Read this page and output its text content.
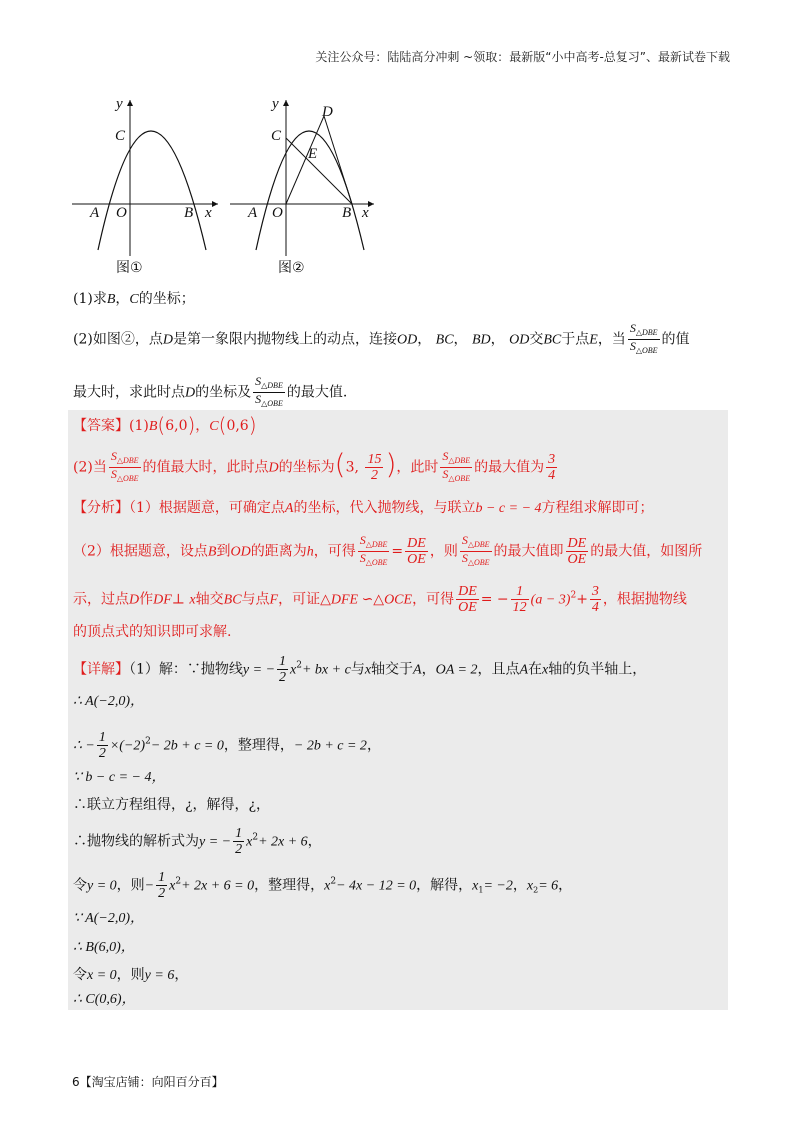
关注公众号：陆陆高分冲刺 ~领取：最新版“小中高考-总复习”、最新试卷下载
y
x
C
A O	B
图①
y
x
C
D
E
A O	B
图②
(1)求B，C的坐标；
(2)如图②，点D是第一象限内抛物线上的动点，连接OD， BC， BD， OD交BC于点E，当 $\frac{S_{\triangle DBE}}{S_{\triangle OBE}}$ 的值
最大时，求此时点D的坐标及 $\frac{S_{\triangle DBE}}{S_{\triangle OBE}}$ 的最大值.
【答案】(1)B(6,0)，C(0,6)
(2)当 $\frac{S_{\triangle DBE}}{S_{\triangle OBE}}$ 的值最大时，此时点D的坐标为(3, $\frac{15}{2}$ )，此时 $\frac{S_{\triangle DBE}}{S_{\triangle OBE}}$ 的最大值为 $\frac{3}{4}$
【分析】（1）根据题意，可确定点A的坐标，代入抛物线，与联立b − c = − 4方程组求解即可；
（2）根据题意，设点B到OD的距离为h，可得 $\frac{S_{\triangle DBE}}{S_{\triangle OBE}} = \frac{DE}{OE}$ ，则 $\frac{S_{\triangle DBE}}{S_{\triangle OBE}}$ 的最大值即 $\frac{DE}{OE}$ 的最大值，如图所
示，过点D作DF⊥ x轴交BC与点F，可证△DFE ∽△OCE，可得 $\frac{DE}{OE}$ = − $\frac{1}{12} (a - 3)^2+ \frac{3}{4}$ ，根据抛物线
的顶点式的知识即可求解.
【详解】（1）解：∵抛物线y = − $\frac{1}{2} x^2+$ bx + c与x轴交于A，OA = 2，且点A在x轴的负半轴上，
∴ A(−2,0)，
∴ − $\frac{1}{2} \times(-2)^2- 2b + c = 0$，整理得，− 2b + c = 2，
∵ b − c = − 4，
∴联立方程组得，¿，解得，¿，
∴抛物线的解析式为y = − $\frac{1}{2} x^2+ 2x + 6$，
令y = 0，则− $\frac{1}{2} x^2+ 2x + 6 = 0$，整理得，$x^2- 4x - 12 = 0$，解得，$x_1= -2$，$x_2= 6$，
∵ A(−2,0)，
∴ B(6,0)，
令x = 0，则y = 6，
∴ C(0,6)，
6【淘宝店铺：向阳百分百】
